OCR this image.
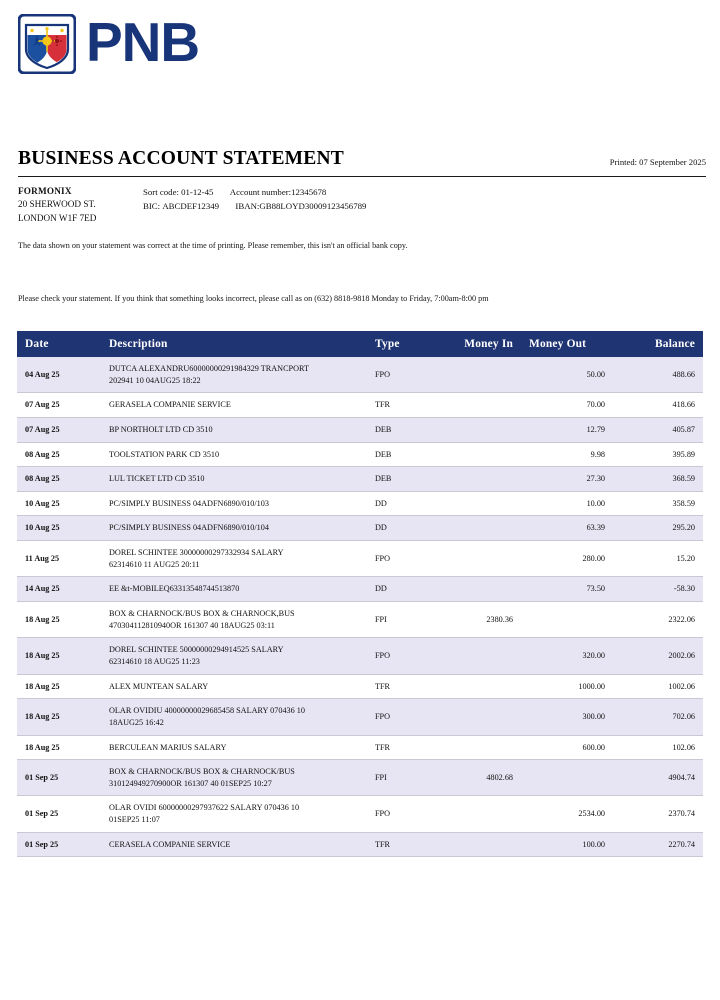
PNB
BUSINESS ACCOUNT STATEMENT	Printed: 07 September 2025
FORMONIX
20 SHERWOOD ST.
LONDON W1F 7ED
Sort code: 01-12-45 Account number:12345678
BIC: ABCDEF12349 IBAN:GB88LOYD30009123456789
The data shown on your statement was correct at the time of printing. Please remember, this isn't an official bank copy.
Please check your statement. If you think that something looks incorrect, please call as on (632) 8818-9818 Monday to Friday, 7:00am-8:00 pm
Date	Description	Type	Money In	Money Out	Balance
04 Aug 25	DUTCA ALEXANDRU60000000291984329 TRANCPORT
202941 10 04AUG25 18:22	FPO		50.00	488.66
07 Aug 25	GERASELA COMPANIE SERVICE	TFR		70.00	418.66
07 Aug 25	BP NORTHOLT LTD CD 3510	DEB		12.79	405.87
08 Aug 25	TOOLSTATION PARK CD 3510	DEB		9.98	395.89
08 Aug 25	LUL TICKET LTD CD 3510	DEB		27.30	368.59
10 Aug 25	PC/SIMPLY BUSINESS 04ADFN6890/010/103	DD		10.00	358.59
10 Aug 25	PC/SIMPLY BUSINESS 04ADFN6890/010/104	DD		63.39	295.20
11 Aug 25	DOREL SCHINTEE 30000000297332934 SALARY
62314610 11 AUG25 20:11	FPO		280.00	15.20
14 Aug 25	EE &t-MOBILEQ63313548744513870	DD		73.50	-58.30
18 Aug 25	BOX & CHARNOCK/BUS BOX & CHARNOCK,BUS
470304112810940OR 161307 40 18AUG25 03:11	FPI	2380.36		2322.06
18 Aug 25	DOREL SCHINTEE 50000000294914525 SALARY
62314610 18 AUG25 11:23	FPO		320.00	2002.06
18 Aug 25	ALEX MUNTEAN SALARY	TFR		1000.00	1002.06
18 Aug 25	OLAR OVIDIU 40000000029685458 SALARY 070436 10
18AUG25 16:42	FPO		300.00	702.06
18 Aug 25	BERCULEAN MARIUS SALARY	TFR		600.00	102.06
01 Sep 25	BOX & CHARNOCK/BUS BOX & CHARNOCK/BUS
310124949270900OR 161307 40 01SEP25 10:27	FPI	4802.68		4904.74
01 Sep 25	OLAR OVIDI 60000000297937622 SALARY 070436 10
01SEP25 11:07	FPO		2534.00	2370.74
01 Sep 25	CERASELA COMPANIE SERVICE	TFR		100.00	2270.74
